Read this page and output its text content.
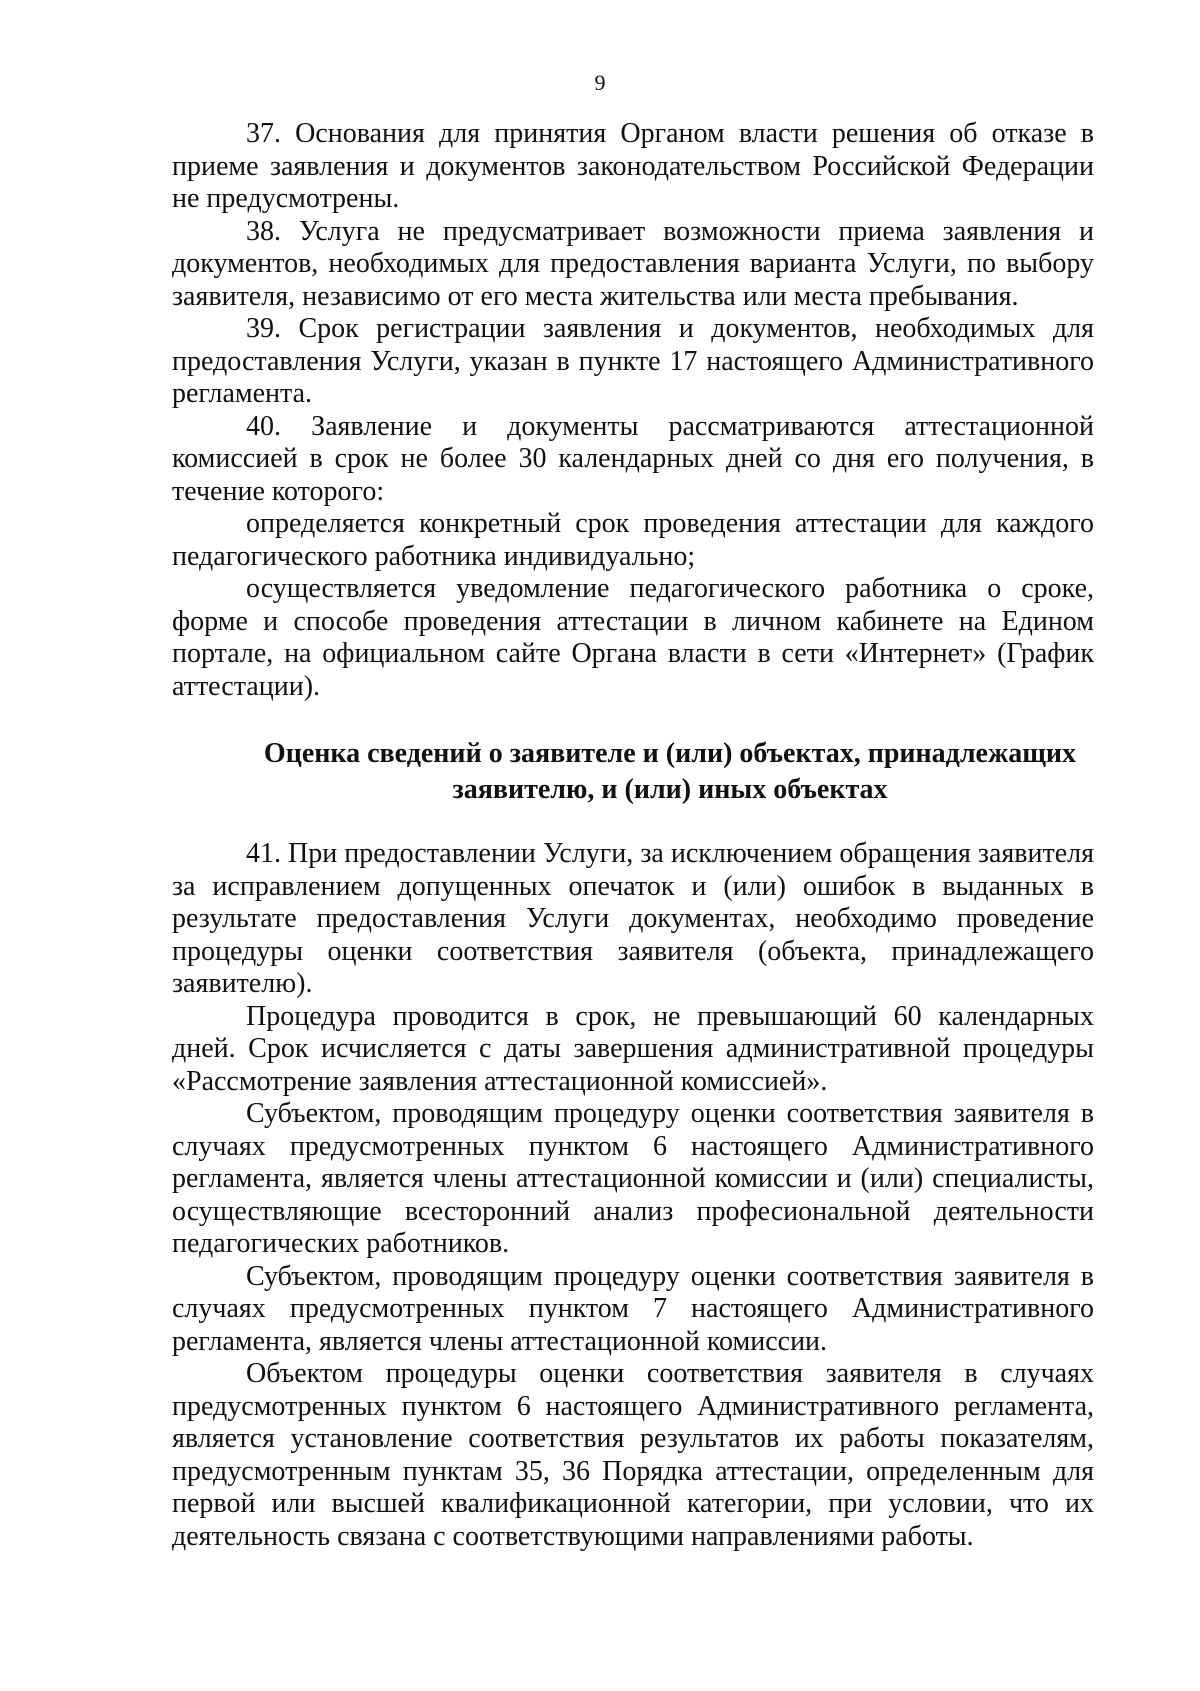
9

37. Основания для принятия Органом власти решения об отказе в приеме заявления и документов законодательством Российской Федерации не предусмотрены.

38. Услуга не предусматривает возможности приема заявления и документов, необходимых для предоставления варианта Услуги, по выбору заявителя, независимо от его места жительства или места пребывания.

39. Срок регистрации заявления и документов, необходимых для предоставления Услуги, указан в пункте 17 настоящего Административного регламента.

40. Заявление и документы рассматриваются аттестационной комиссией в срок не более 30 календарных дней со дня его получения, в течение которого:

определяется конкретный срок проведения аттестации для каждого педагогического работника индивидуально;

осуществляется уведомление педагогического работника о сроке, форме и способе проведения аттестации в личном кабинете на Едином портале, на официальном сайте Органа власти в сети «Интернет» (График аттестации).

Оценка сведений о заявителе и (или) объектах, принадлежащих заявителю, и (или) иных объектах

41. При предоставлении Услуги, за исключением обращения заявителя за исправлением допущенных опечаток и (или) ошибок в выданных в результате предоставления Услуги документах, необходимо проведение процедуры оценки соответствия заявителя (объекта, принадлежащего заявителю).

Процедура проводится в срок, не превышающий 60 календарных дней. Срок исчисляется с даты завершения административной процедуры «Рассмотрение заявления аттестационной комиссией».

Субъектом, проводящим процедуру оценки соответствия заявителя в случаях предусмотренных пунктом 6 настоящего Административного регламента, является члены аттестационной комиссии и (или) специалисты, осуществляющие всесторонний анализ професиональной деятельности педагогических работников.

Субъектом, проводящим процедуру оценки соответствия заявителя в случаях предусмотренных пунктом 7 настоящего Административного регламента, является члены аттестационной комиссии.

Объектом процедуры оценки соответствия заявителя в случаях предусмотренных пунктом 6 настоящего Административного регламента, является установление соответствия результатов их работы показателям, предусмотренным пунктам 35, 36 Порядка аттестации, определенным для первой или высшей квалификационной категории, при условии, что их деятельность связана с соответствующими направлениями работы.
